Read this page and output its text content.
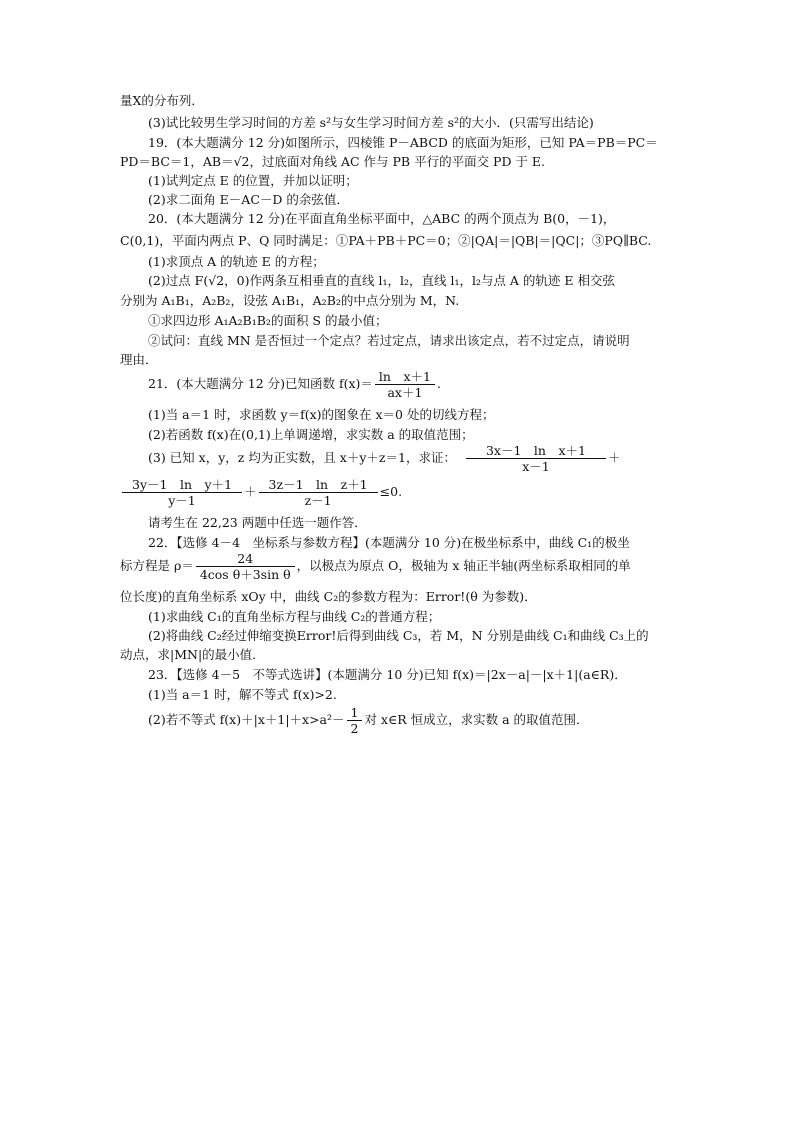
量X的分布列．
(3)试比较男生学习时间的方差 s²与女生学习时间方差 s²的大小．(只需写出结论)
19．(本大题满分 12 分)如图所示，四棱锥 P－ABCD 的底面为矩形，已知 PA＝PB＝PC＝
PD＝BC＝1，AB＝√2，过底面对角线 AC 作与 PB 平行的平面交 PD 于 E.
(1)试判定点 E 的位置，并加以证明；
(2)求二面角 E－AC－D 的余弦值．
20．(本大题满分 12 分)在平面直角坐标平面中，△ABC 的两个顶点为 B(0，－1)，
C(0,1)，平面内两点 P、Q 同时满足：①PA＋PB＋PC＝0；②|QA|＝|QB|＝|QC|；③PQ∥BC.
(1)求顶点 A 的轨迹 E 的方程；
(2)过点 F(√2，0)作两条互相垂直的直线 l₁，l₂，直线 l₁，l₂与点 A 的轨迹 E 相交弦
分别为 A₁B₁，A₂B₂，设弦 A₁B₁，A₂B₂的中点分别为 M，N.
①求四边形 A₁A₂B₁B₂的面积 S 的最小值；
②试问：直线 MN 是否恒过一个定点？若过定点，请求出该定点，若不过定点，请说明
理由．
21．(本大题满分 12 分)已知函数 $f(x)= \frac{\text{ln　x＋1}}{ax+1}$ .
(1)当 a＝1 时，求函数 y＝f(x)的图象在 x＝0 处的切线方程；
(2)若函数 f(x)在(0,1)上单调递增，求实数 a 的取值范围；
(3) 已知 x，y，z 均为正实数，且 x＋y＋z＝1，求证： $\frac{\text{3x－1　ln　x＋1}}{x-1}$ ＋
$\frac{\text{3y－1　ln　y＋1}}{y-1} + \frac{\text{3z－1　ln　z＋1}}{z-1} \le 0$.
请考生在 22,23 两题中任选一题作答．
22．【选修 4－4　坐标系与参数方程】(本题满分 10 分)在极坐标系中，曲线 C₁的极坐
标方程是 $\rho= \frac{24}{\text{4cos θ＋3sin θ}}$ ，以极点为原点 O，极轴为 x 轴正半轴(两坐标系取相同的单
位长度)的直角坐标系 xOy 中，曲线 C₂的参数方程为：Error!(θ 为参数)．
(1)求曲线 C₁的直角坐标方程与曲线 C₂的普通方程；
(2)将曲线 C₂经过伸缩变换Error!后得到曲线 C₃，若 M，N 分别是曲线 C₁和曲线 C₃上的
动点，求|MN|的最小值．
23．【选修 4－5　不等式选讲】(本题满分 10 分)已知 f(x)＝|2x－a|－|x＋1|(a∈R)．
(1)当 a＝1 时，解不等式 f(x)>2.
(2)若不等式 $f(x)+|x+1|+x>a^2- \frac{1}{2}$ 对 x∈R 恒成立，求实数 a 的取值范围．
